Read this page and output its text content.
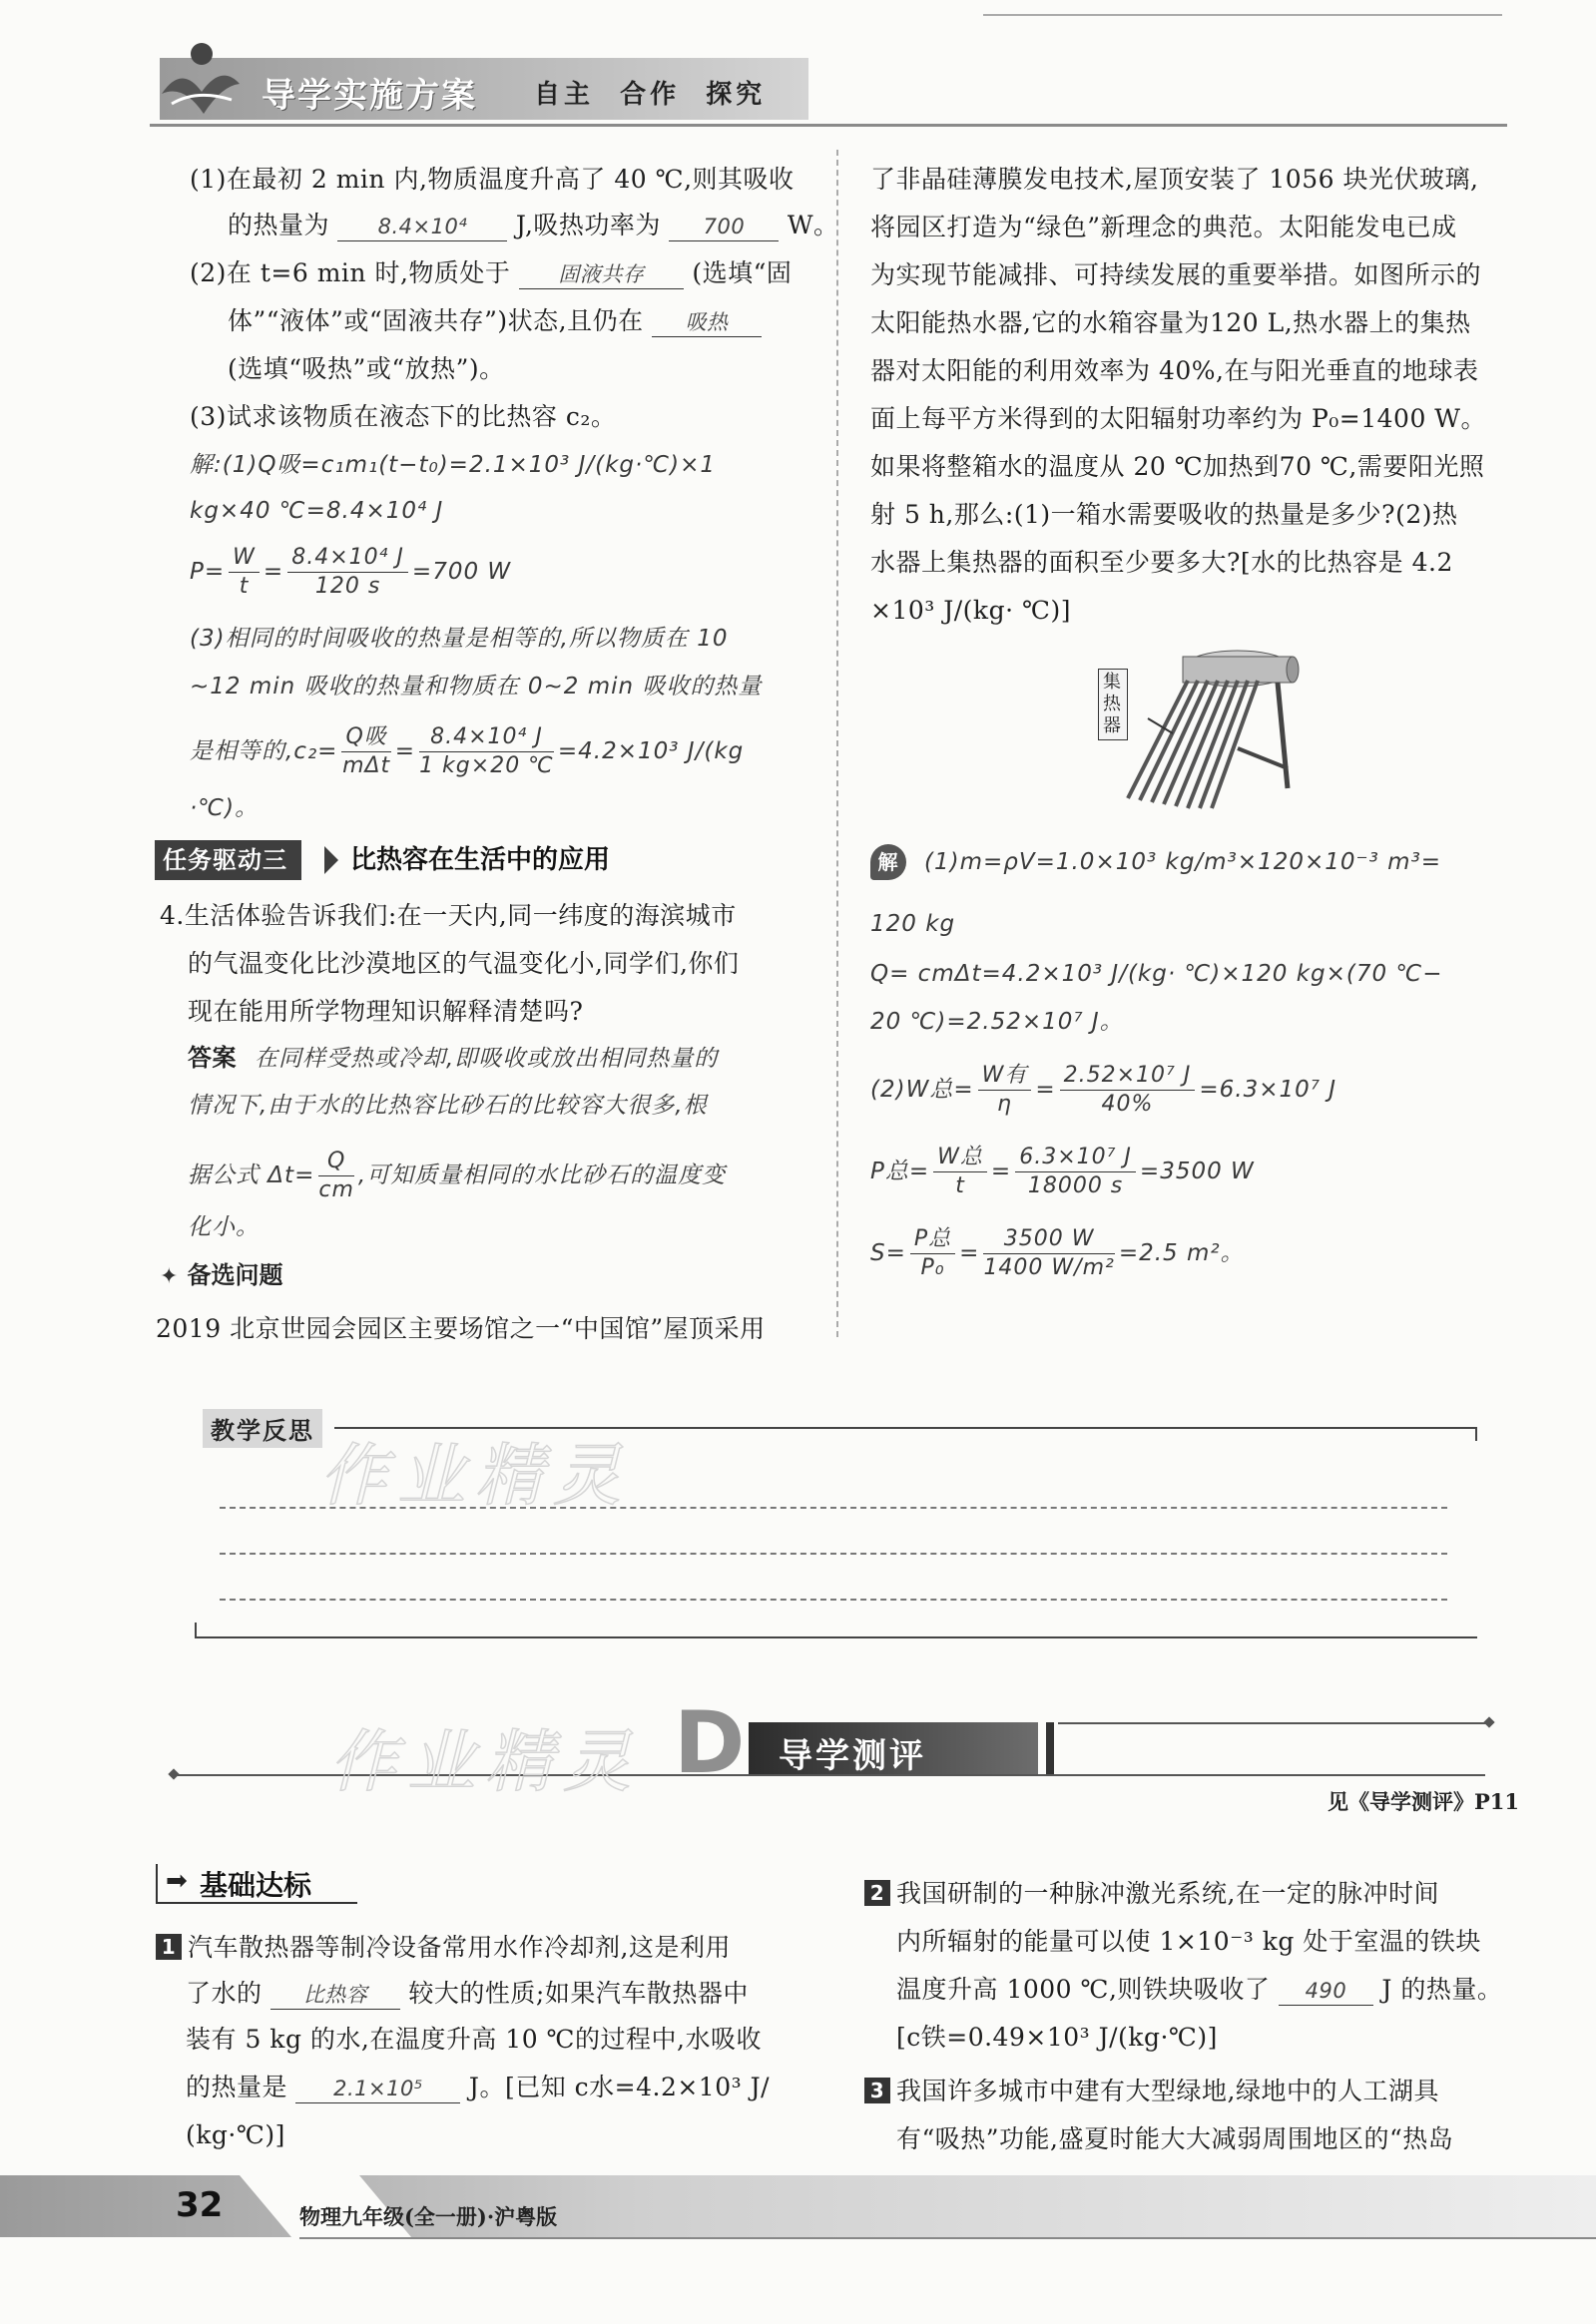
导学实施方案 自主  合作  探究
(1)在最初 2 min 内,物质温度升高了 40 ℃,则其吸收
的热量为 8.4×10⁴ J,吸热功率为 700 W。
(2)在 t=6 min 时,物质处于 固液共存 (选填“固
体”“液体”或“固液共存”)状态,且仍在 吸热
(选填“吸热”或“放热”)。
(3)试求该物质在液态下的比热容 c₂。
解:(1)Q吸=c₁m₁(t−t₀)=2.1×10³ J/(kg·℃)×1
kg×40 ℃=8.4×10⁴ J
$P= \frac{W}{t} = \frac{\text{8.4×10⁴ J}}{120 s} =700$ W
(3)相同的时间吸收的热量是相等的,所以物质在 10
~12 min 吸收的热量和物质在 0~2 min 吸收的热量
是相等的$,c_2= \frac{\text{Q吸}}{\text{mΔt}} = \frac{\text{8.4×10⁴ J}}{1 kg\times 20 ℃} =4.2\times 10^3$ J/(kg
·℃)。
任务驱动三	比热容在生活中的应用
4.生活体验告诉我们:在一天内,同一纬度的海滨城市
的气温变化比沙漠地区的气温变化小,同学们,你们
现在能用所学物理知识解释清楚吗?
答案 在同样受热或冷却,即吸收或放出相同热量的
情况下,由于水的比热容比砂石的比较容大很多,根
据公式 $\Delta t= \frac{Q}{cm}$ ,可知质量相同的水比砂石的温度变
化小。
✦ 备选问题
2019 北京世园会园区主要场馆之一“中国馆”屋顶采用
了非晶硅薄膜发电技术,屋顶安装了 1056 块光伏玻璃,
将园区打造为“绿色”新理念的典范。太阳能发电已成
为实现节能减排、可持续发展的重要举措。如图所示的
太阳能热水器,它的水箱容量为120 L,热水器上的集热
器对太阳能的利用效率为 40%,在与阳光垂直的地球表
面上每平方米得到的太阳辐射功率约为 P₀=1400 W。
如果将整箱水的温度从 20 ℃加热到70 ℃,需要阳光照
射 5 h,那么:(1)一箱水需要吸收的热量是多少?(2)热
水器上集热器的面积至少要多大?[水的比热容是 4.2
×10³ J/(kg· ℃)]
集热器
解 (1)m=ρV=1.0×10³ kg/m³×120×10⁻³ m³=
120 kg
Q= cmΔt=4.2×10³ J/(kg· ℃)×120 kg×(70 ℃−
20 ℃)=2.52×10⁷ J。
(2)W总= $\frac{\text{W有}}{\eta} = \frac{\text{2.52×10⁷ J}}{40\%} =6.3\times 10^7$ J
P总= $\frac{\text{W总}}{t} = \frac{\text{6.3×10⁷ J}}{18000 s} =3500$ W
$S= \frac{\text{P总}}{\text{P₀}} = \frac{3500 W}{\text{1400 W/m²}} =2.5$ m²。
教学反思
作业精灵
D 导学测评
作业精灵	见《导学测评》P11
➡ 基础达标
1 汽车散热器等制冷设备常用水作冷却剂,这是利用
了水的 比热容 较大的性质;如果汽车散热器中
装有 5 kg 的水,在温度升高 10 ℃的过程中,水吸收
的热量是 2.1×10⁵ J。[已知 c水=4.2×10³ J/
(kg·℃)]
2 我国研制的一种脉冲激光系统,在一定的脉冲时间
内所辐射的能量可以使 1×10⁻³ kg 处于室温的铁块
温度升高 1000 ℃,则铁块吸收了 490 J 的热量。
[c铁=0.49×10³ J/(kg·℃)]
3 我国许多城市中建有大型绿地,绿地中的人工湖具
有“吸热”功能,盛夏时能大大减弱周围地区的“热岛
32	物理九年级(全一册)·沪粤版
